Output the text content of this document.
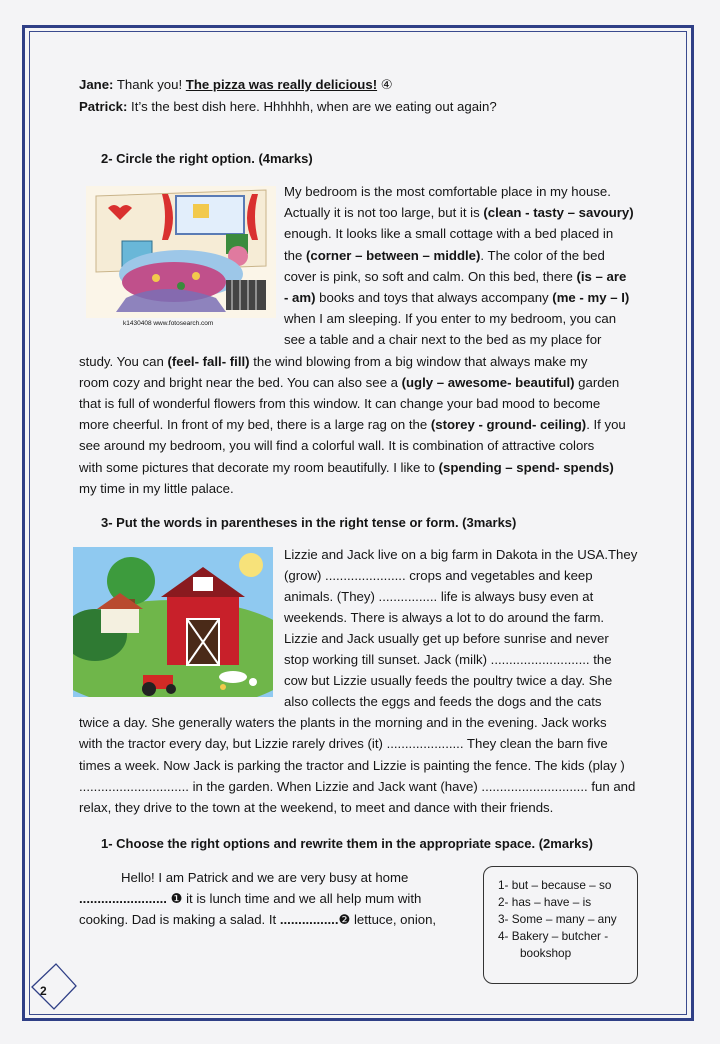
Jane: Thank you! The pizza was really delicious! ④
Patrick: It’s the best dish here. Hhhhhh, when are we eating out again?
2- Circle the right option. (4marks)
k1430408 www.fotosearch.com
My bedroom is the most comfortable place in my house.
Actually it is not too large, but it is (clean - tasty – savoury)
enough. It looks like a small cottage with a bed placed in
the (corner – between – middle). The color of the bed
cover is pink, so soft and calm. On this bed, there (is – are
- am) books and toys that always accompany (me - my – I)
when I am sleeping. If you enter to my bedroom, you can
see a table and a chair next to the bed as my place for
study. You can (feel- fall- fill) the wind blowing from a big window that always make my
room cozy and bright near the bed. You can also see a (ugly – awesome- beautiful) garden
that is full of wonderful flowers from this window. It can change your bad mood to become
more cheerful. In front of my bed, there is a large rag on the (storey - ground- ceiling). If you
see around my bedroom, you will find a colorful wall. It is combination of attractive colors
with some pictures that decorate my room beautifully. I like to (spending – spend- spends)
my time in my little palace.
3- Put the words in parentheses in the right tense or form. (3marks)
Lizzie and Jack live on a big farm in Dakota in the USA.They
(grow) ...................... crops and vegetables and keep
animals. (They) ................ life is always busy even at
weekends. There is always a lot to do around the farm.
Lizzie and Jack usually get up before sunrise and never
stop working till sunset. Jack (milk) ........................... the
cow but Lizzie usually feeds the poultry twice a day. She
also collects the eggs and feeds the dogs and the cats
twice a day. She generally waters the plants in the morning and in the evening. Jack works
with the tractor every day, but Lizzie rarely drives (it) ..................... They clean the barn five
times a week. Now Jack is parking the tractor and Lizzie is painting the fence. The kids (play )
.............................. in the garden. When Lizzie and Jack want (have) ............................. fun and
relax, they drive to the town at the weekend, to meet and dance with their friends.
1- Choose the right options and rewrite them in the appropriate space. (2marks)
Hello! I am Patrick and we are very busy at home
........................ ❶ it is lunch time and we all help mum with
cooking. Dad is making a salad. It ................❷ lettuce, onion,
1- but – because – so
2- has – have – is
3- Some – many – any
4- Bakery – butcher -
bookshop
2
